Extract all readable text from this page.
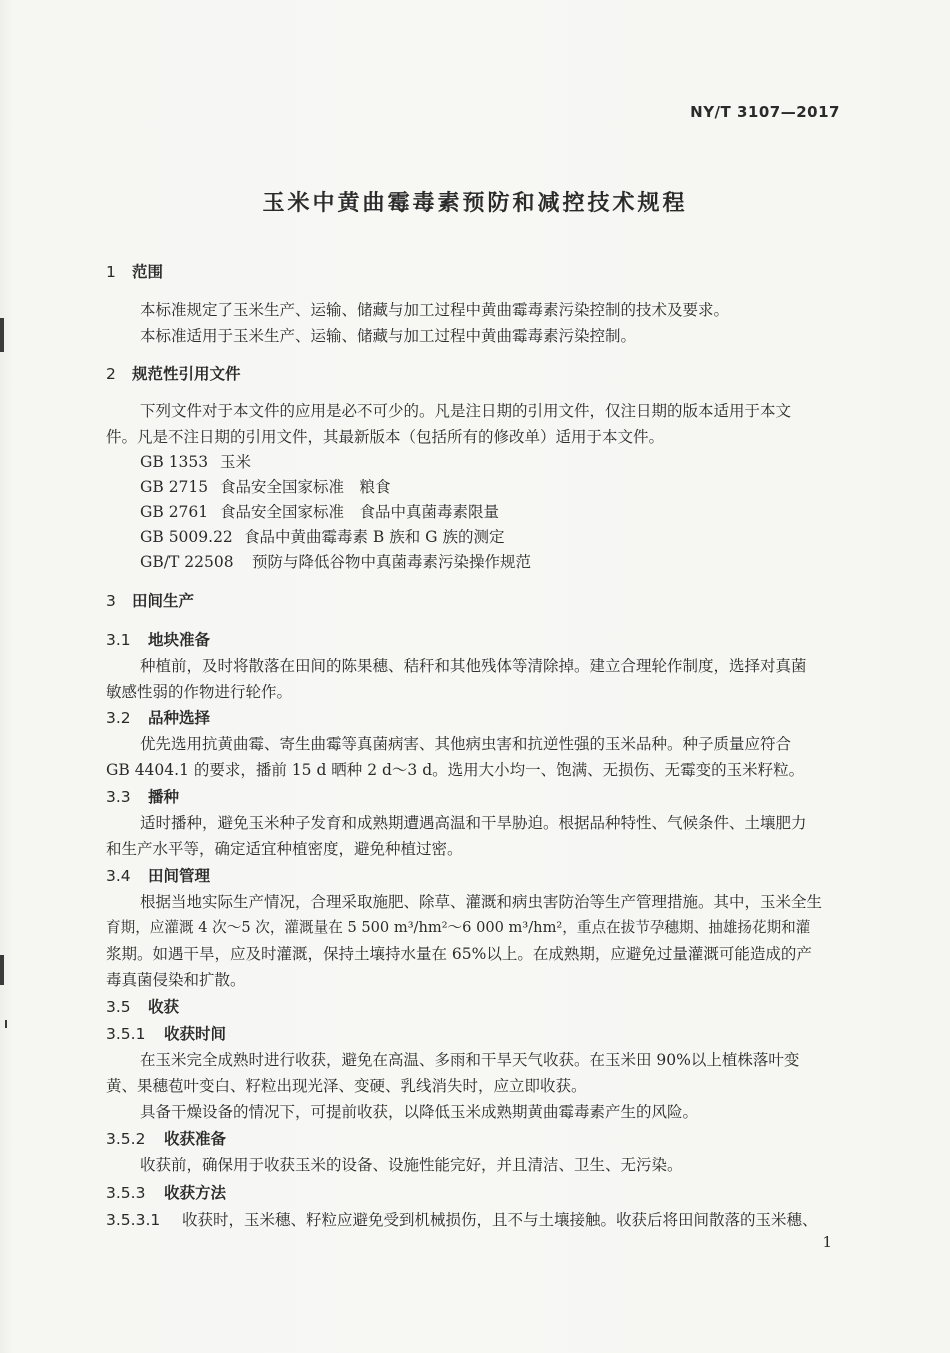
NY/T 3107—2017
玉米中黄曲霉毒素预防和减控技术规程
1 范围
本标准规定了玉米生产、运输、储藏与加工过程中黄曲霉毒素污染控制的技术及要求。
本标准适用于玉米生产、运输、储藏与加工过程中黄曲霉毒素污染控制。
2 规范性引用文件
下列文件对于本文件的应用是必不可少的。凡是注日期的引用文件，仅注日期的版本适用于本文
件。凡是不注日期的引用文件，其最新版本（包括所有的修改单）适用于本文件。
GB 1353 玉米
GB 2715 食品安全国家标准　粮食
GB 2761 食品安全国家标准　食品中真菌毒素限量
GB 5009.22 食品中黄曲霉毒素 B 族和 G 族的测定
GB/T 22508 预防与降低谷物中真菌毒素污染操作规范
3 田间生产
3.1 地块准备
种植前，及时将散落在田间的陈果穗、秸秆和其他残体等清除掉。建立合理轮作制度，选择对真菌
敏感性弱的作物进行轮作。
3.2 品种选择
优先选用抗黄曲霉、寄生曲霉等真菌病害、其他病虫害和抗逆性强的玉米品种。种子质量应符合
GB 4404.1 的要求，播前 15 d 晒种 2 d～3 d。选用大小均一、饱满、无损伤、无霉变的玉米籽粒。
3.3 播种
适时播种，避免玉米种子发育和成熟期遭遇高温和干旱胁迫。根据品种特性、气候条件、土壤肥力
和生产水平等，确定适宜种植密度，避免种植过密。
3.4 田间管理
根据当地实际生产情况，合理采取施肥、除草、灌溉和病虫害防治等生产管理措施。其中，玉米全生
育期，应灌溉 4 次～5 次，灌溉量在 5 500 m³/hm²～6 000 m³/hm²，重点在拔节孕穗期、抽雄扬花期和灌
浆期。如遇干旱，应及时灌溉，保持土壤持水量在 65%以上。在成熟期，应避免过量灌溉可能造成的产
毒真菌侵染和扩散。
3.5 收获
3.5.1 收获时间
在玉米完全成熟时进行收获，避免在高温、多雨和干旱天气收获。在玉米田 90%以上植株落叶变
黄、果穗苞叶变白、籽粒出现光泽、变硬、乳线消失时，应立即收获。
具备干燥设备的情况下，可提前收获，以降低玉米成熟期黄曲霉毒素产生的风险。
3.5.2 收获准备
收获前，确保用于收获玉米的设备、设施性能完好，并且清洁、卫生、无污染。
3.5.3 收获方法
3.5.3.1 收获时，玉米穗、籽粒应避免受到机械损伤，且不与土壤接触。收获后将田间散落的玉米穗、
1
